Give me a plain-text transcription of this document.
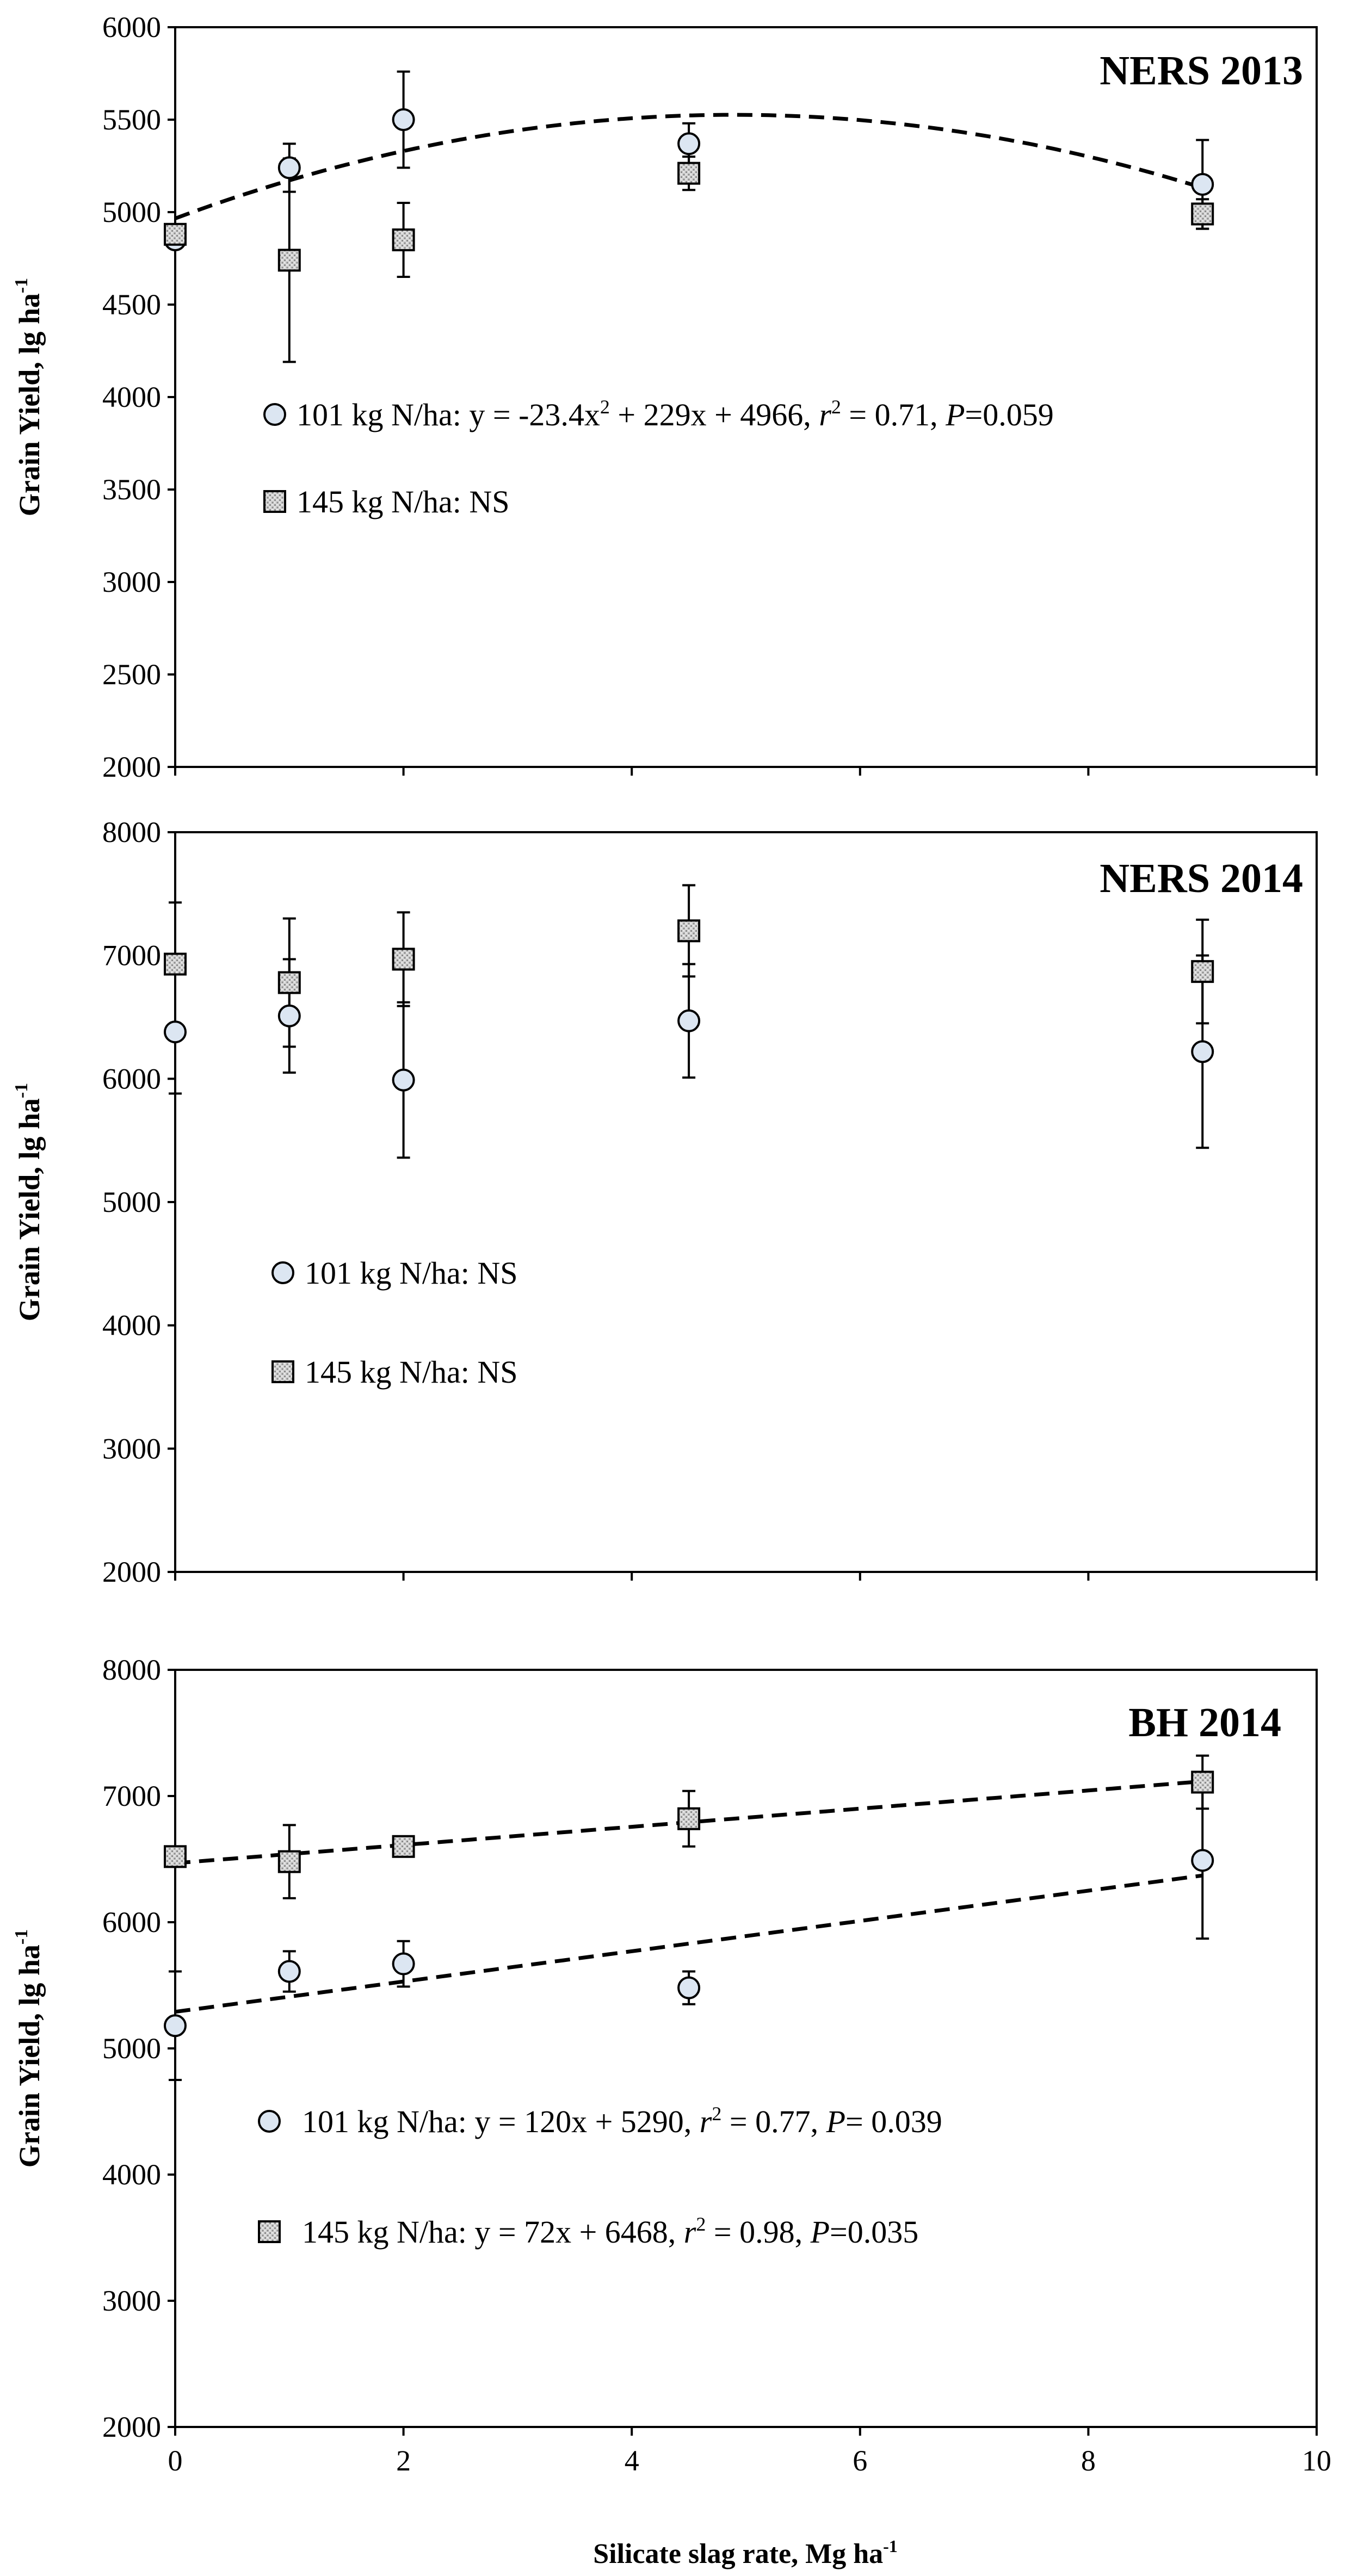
2000
2500
3000
3500
4000
4500
5000
5500
6000
Grain Yield, $\lg ha^{-1}$
NERS 2013
101 kg N/ha: $y = -23.4x^2 + 229x + 4966$, $r^2 = 0.71$, P=0.059
145 kg N/ha: NS
2000
3000
4000
5000
6000
7000
8000
Grain Yield, $\lg ha^{-1}$
NERS 2014
101 kg N/ha: NS
145 kg N/ha: NS
2000
3000
4000
5000
6000
7000
8000
0	2	4	6	8	10
Grain Yield, $\lg ha^{-1}$
BH 2014
101 kg N/ha: y = 120x + 5290, $r^2 = 0.77$, P= 0.039
145 kg N/ha: y = 72x + 6468, $r^2 = 0.98$, P=0.035
Silicate slag rate, Mg $ha^{-1}$
